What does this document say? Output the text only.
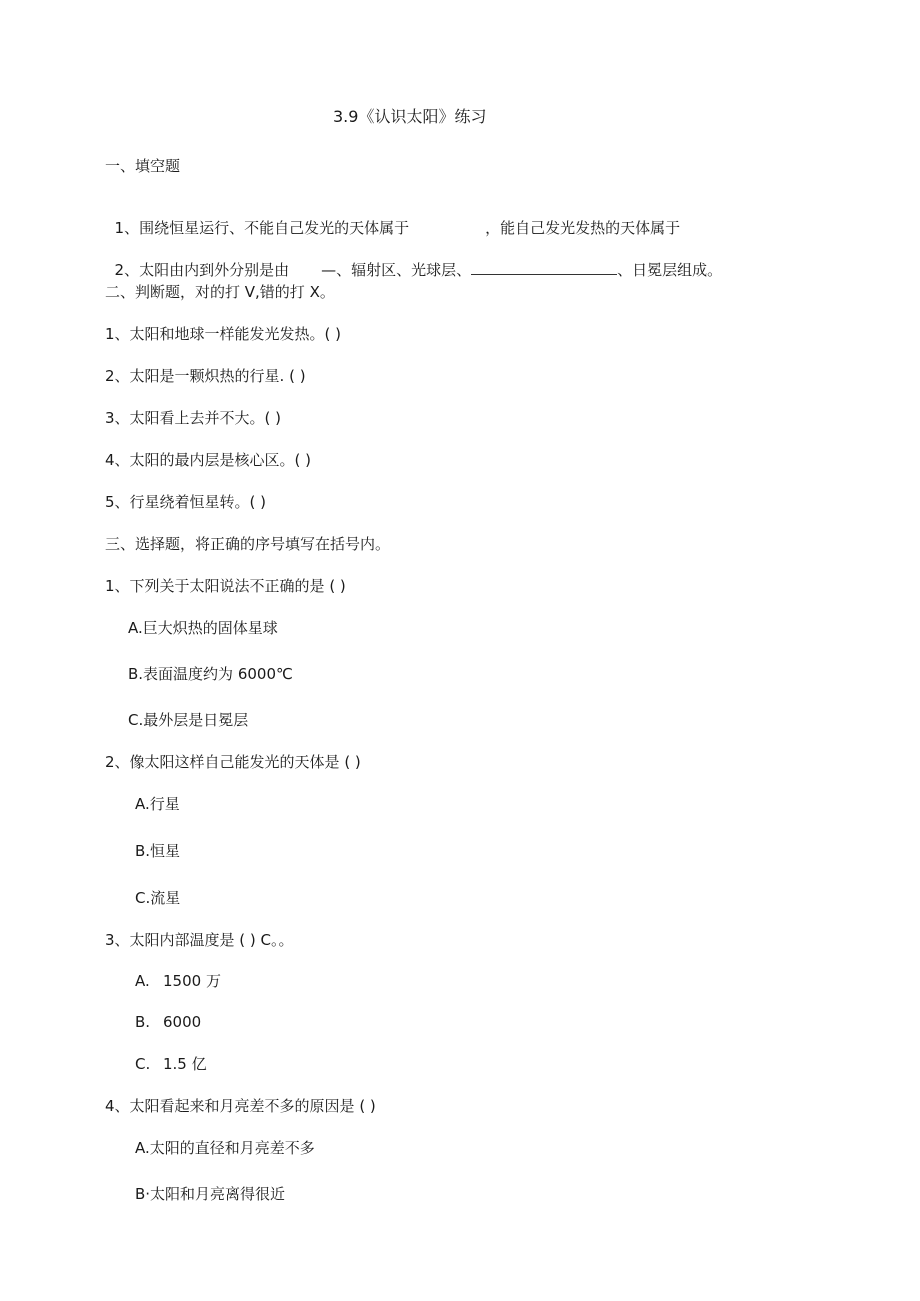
3.9《认识太阳》练习
一、填空题

1、围绕恒星运行、不能自己发光的天体属于	，能自己发光发热的天体属于

2、太阳由内到外分别是由 —、辐射区、光球层、	、日冕层组成。

二、判断题，对的打 V,错的打 X。
1、太阳和地球一样能发光发热。( )
2、太阳是一颗炽热的行星. ( )
3、太阳看上去并不大。( )
4、太阳的最内层是核心区。( )
5、行星绕着恒星转。( )
三、选择题，将正确的序号填写在括号内。
1、下列关于太阳说法不正确的是 ( )
A.巨大炽热的固体星球
B.表面温度约为 6000℃
C.最外层是日冕层
2、像太阳这样自己能发光的天体是 ( )
A.行星
B.恒星
C.流星
3、太阳内部温度是 ( ) C。。
A. 1500 万
B. 6000
C. 1.5 亿
4、太阳看起来和月亮差不多的原因是 ( )
A.太阳的直径和月亮差不多
B·太阳和月亮离得很近
